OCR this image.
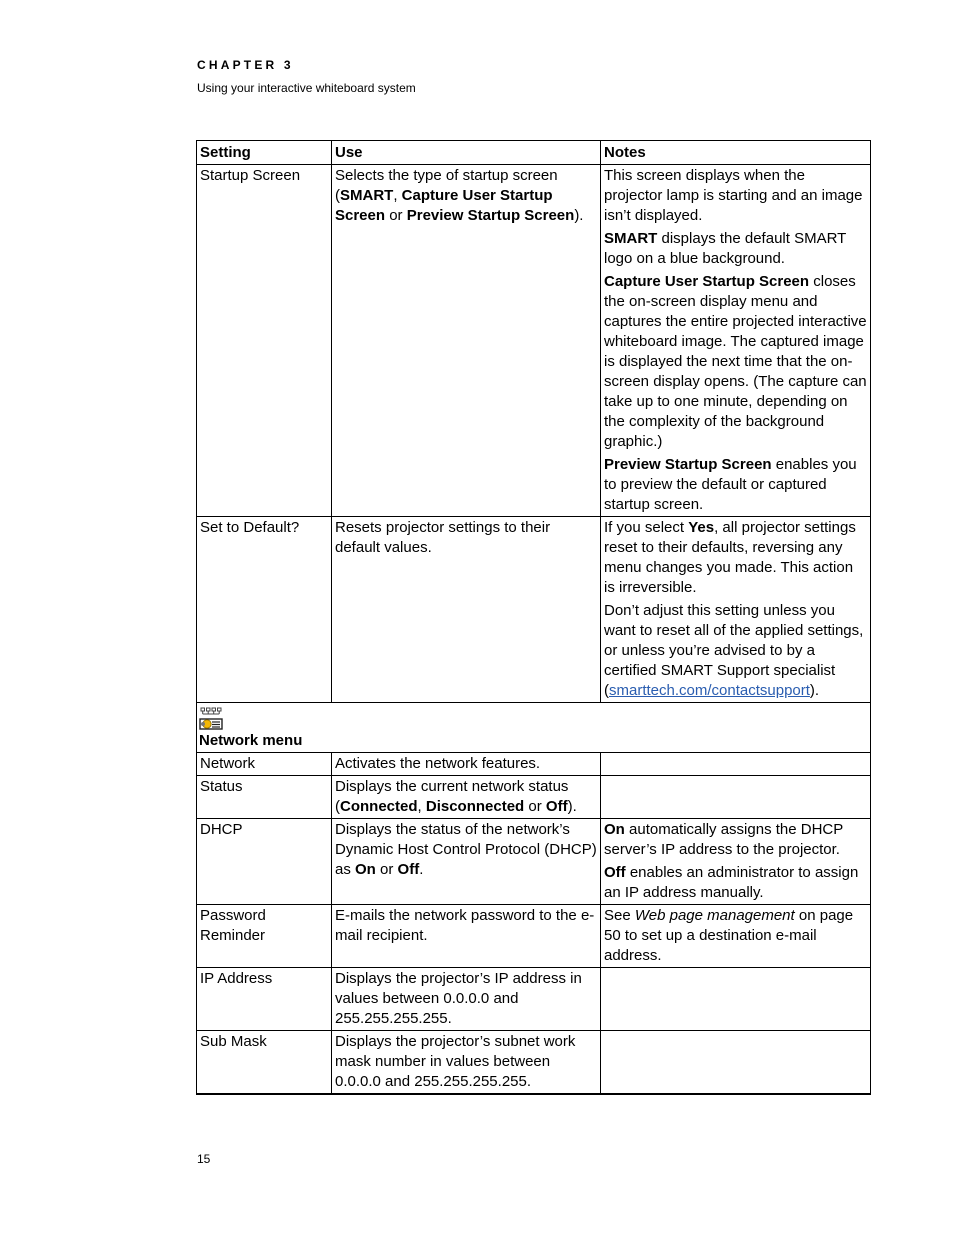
CHAPTER 3
Using your interactive whiteboard system
Setting	Use	Notes
Startup Screen	Selects the type of startup screen (SMART, Capture User Startup Screen or Preview Startup Screen).	This screen displays when the projector lamp is starting and an image isn’t displayed.

SMART displays the default SMART logo on a blue background.

Capture User Startup Screen closes the on-screen display menu and captures the entire projected interactive whiteboard image. The captured image is displayed the next time that the on-screen display opens. (The capture can take up to one minute, depending on the complexity of the background graphic.)

Preview Startup Screen enables you to preview the default or captured startup screen.

Set to Default?	Resets projector settings to their default values.	If you select Yes, all projector settings reset to their defaults, reversing any menu changes you made. This action is irreversible.

Don’t adjust this setting unless you want to reset all of the applied settings, or unless you’re advised to by a certified SMART Support specialist (smarttech.com/contactsupport).

Network menu		
Network	Activates the network features.	
Status	Displays the current network status (Connected, Disconnected or Off).	
DHCP	Displays the status of the network’s Dynamic Host Control Protocol (DHCP) as On or Off.	On automatically assigns the DHCP server’s IP address to the projector.

Off enables an administrator to assign an IP address manually.

Password Reminder	E-mails the network password to the e-mail recipient.	See Web page management on page 50 to set up a destination e-mail address.
IP Address	Displays the projector’s IP address in values between 0.0.0.0 and 255.255.255.255.	
Sub Mask	Displays the projector’s subnet work mask number in values between 0.0.0.0 and 255.255.255.255.	
15
